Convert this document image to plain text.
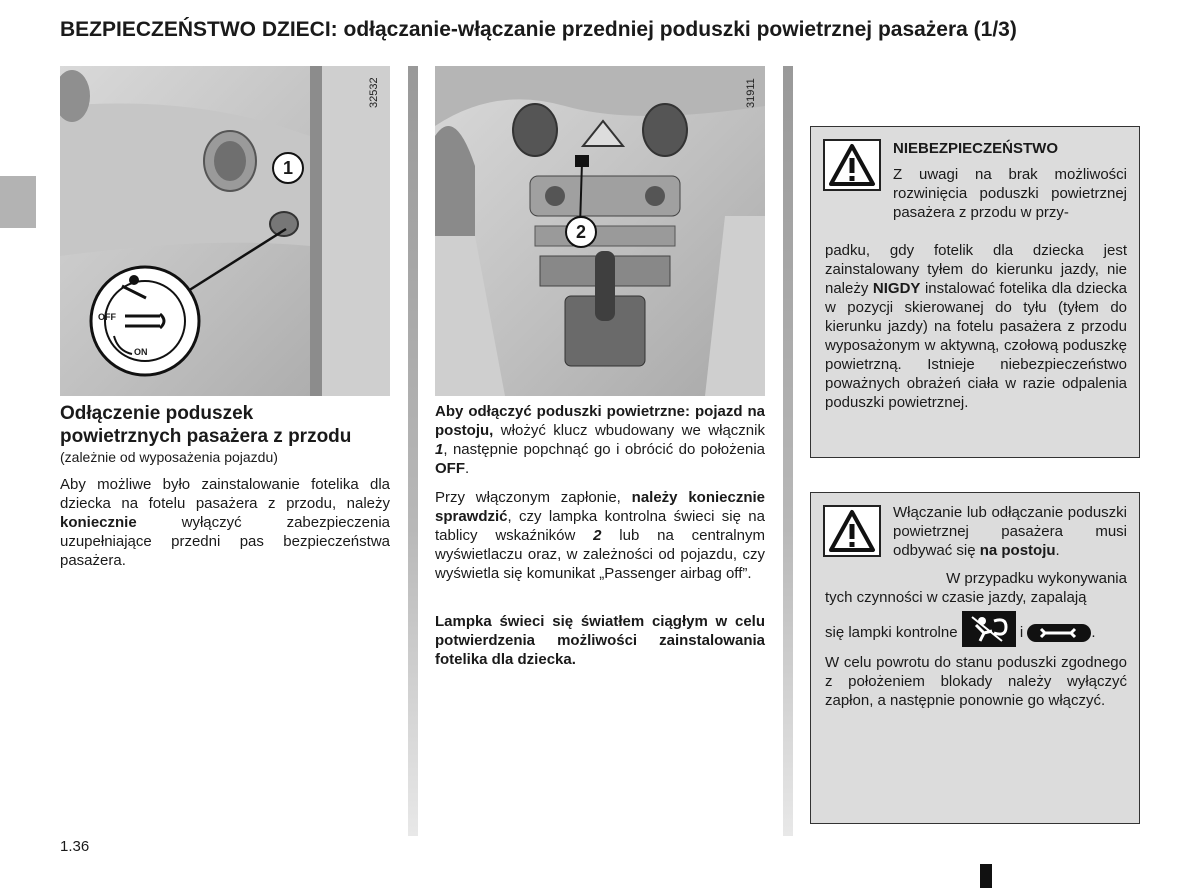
BEZPIECZEŃSTWO DZIECI: odłączanie-włączanie przedniej poduszki powietrznej pasażera (1/3)
OFF
ON
1
32532
2
31911
Odłączenie poduszek
powietrznych pasażera z przodu
(zależnie od wyposażenia pojazdu)

Aby możliwe było zainstalowanie fotelika dla dziecka na fotelu pasażera z przodu, należy koniecznie wyłączyć zabezpieczenia uzupełniające przedni pas bezpieczeństwa pasażera.

Aby odłączyć poduszki powietrzne: pojazd na postoju, włożyć klucz wbudowany we włącznik 1, następnie popchnąć go i obrócić do położenia OFF.

Przy włączonym zapłonie, należy koniecznie sprawdzić, czy lampka kontrolna świeci się na tablicy wskaźników 2 lub na centralnym wyświetlaczu oraz, w zależności od pojazdu, czy wyświetla się komunikat „Passenger airbag off”.

Lampka świeci się światłem ciągłym w celu potwierdzenia możliwości zainstalowania fotelika dla dziecka.

NIEBEZPIECZEŃSTWO

Z uwagi na brak możliwości rozwinięcia poduszki powietrznej pasażera z przodu w przy-

padku, gdy fotelik dla dziecka jest zainstalowany tyłem do kierunku jazdy, nie należy NIGDY instalować fotelika dla dziecka w pozycji skierowanej do tyłu (tyłem do kierunku jazdy) na fotelu pasażera z przodu wyposażonym w aktywną, czołową poduszkę powietrzną. Istnieje niebezpieczeństwo poważnych obrażeń ciała w razie odpalenia poduszki powietrznej.

Włączanie lub odłączanie poduszki powietrznej pasażera musi odbywać się na postoju.

W przypadku wykonywania

tych czynności w czasie jazdy, zapalają

się lampki kontrolne	i	.

W celu powrotu do stanu poduszki zgodnego z położeniem blokady należy wyłączyć zapłon, a następnie ponownie go włączyć.

1.36
